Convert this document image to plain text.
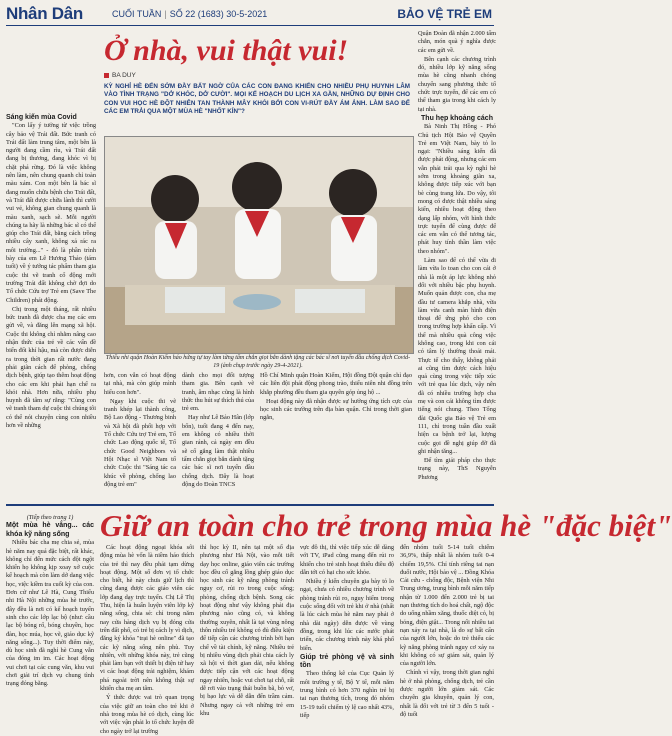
Nhân Dân	CUỐI TUẦN | SỐ 22 (1683) 30-5-2021	BẢO VỆ TRẺ EM
Ở nhà, vui thật vui!
BA DUY
KỲ NGHỈ HÈ ĐẾN SỚM ĐẦY BẤT NGỜ CỦA CÁC CON ĐANG KHIẾN CHO NHIỀU PHỤ HUYNH LÂM VÀO TÌNH TRẠNG "DỞ KHÓC, DỞ CƯỜI". MỌI KẾ HOẠCH DU LỊCH XA GẦN, NHỮNG DỰ ĐỊNH CHO CON VUI HỌC HÈ ĐỘT NHIÊN TAN THÀNH MÂY KHÓI BỞI CON VI-RÚT ĐẦY ÁM ẢNH. LÀM SAO ĐỂ CÁC EM TRẢI QUA MỘT MÙA HÈ "NHỐT KÍN"?
Sáng kiến mùa Covid

"Con lấy ý tưởng từ việc trồng cây bảo vệ Trái đất. Bức tranh có Trái đất làm trung tâm, một bên là người đang cầm rìu, và Trái đất đang bị thương, đang khóc vì bị chặt phá rừng. Đó là việc không nên làm, nên chung quanh chỉ toàn màu xám. Con một bên là bác sĩ đang muốn chữa bệnh cho Trái đất, và Trái đất được chữa lành thì cười vui vẻ, không gian chung quanh là màu xanh, sạch sẽ. Mỗi người chúng ta hãy là những bác sĩ có thể giúp cho Trái đất, bằng cách trồng nhiều cây xanh, không xả rác ra môi trường..." - đó là phần trình bày của em Lê Hương Thảo (tám tuổi) về ý tưởng tác phẩm tham gia cuộc thi vẽ tranh cổ động mới trường Trái đất không chờ đợi do Tổ chức Cứu trợ Trẻ em (Save The Children) phát động.

Chị trong một tháng, rất nhiều bức tranh đã được cha mẹ các em gửi về, và đăng lên mạng xã hội. Cuộc thi không chỉ nhằm nâng cao nhận thức của trẻ về các vấn đề biến đổi khí hậu, mà còn được diễn ra trong thời gian rất nước đang phải giãn cách để phòng, chống dịch bệnh, giúp tạo thêm hoạt động cho các em khi phải hạn chế ra khỏi nhà. Hơn nữa, nhiều phụ huynh đã tâm sự rằng: "Cùng con vẽ tranh tham dự cuộc thi chúng tôi có thể nói chuyện cùng con nhiều hơn về những

Thiếu nhi quận Hoàn Kiếm háo hứng tự tay làm từng tấm chắn giọt bắn dành tặng các bác sĩ nơi tuyến đầu chống dịch Covid-19 (ảnh chụp trước ngày 29-4-2021).

hơn, con vẫn có hoạt động tại nhà, mà còn giúp mình hiểu con hơn".

Ngay khi cuộc thi vẽ tranh khép lại thành công, Bộ Lao động - Thương binh và Xã hội đã phối hợp với Tổ chức Cứu trợ Trẻ em, Tổ chức Lao động quốc tế, Tổ chức Good Neighbors và Hội Nhạc sĩ Việt Nam tổ chức Cuộc thi "Sáng tác ca khúc về phòng, chống lao động trẻ em"

dành cho mọi đối tượng tham gia. Bên cạnh vẽ tranh, âm nhạc cũng là hình thức thu hút sự thích thú của trẻ em.

Hay như Lê Bảo Hân (lớp bốn), tuổi đang 4 đến nay, em không có nhiều thời gian ránh, cả ngày em đều sẽ cố gắng làm thật nhiều tấm chắn giọt bắn dành tặng các bác sĩ nơi tuyến đầu chống dịch. Đây là hoạt động do Đoàn TNCS

Hồ Chí Minh quận Hoàn Kiếm, Hội đồng Đội quận chỉ đạo các liên đội phát động phong trào, thiếu niên nhi đồng trên khắp phường đều tham gia quyên góp ủng hộ ...

Hoạt động này đã nhận được sự hưởng ứng tích cực của học sinh các trường trên địa bàn quận. Chỉ trong thời gian ngắn,

Quận Đoàn đã nhận 2.000 tấm chắn, món quà ý nghĩa được các em gửi về.

Bên cạnh các chương trình đó, nhiều lớp kỹ năng sống mùa hè cũng nhanh chóng chuyển sang phương thức tổ chức trực tuyến, để các em có thể tham gia trong khi cách ly tại nhà.

Thu hẹp khoảng cách

Bà Ninh Thị Hồng - Phó Chủ tịch Hội Bảo vệ Quyền Trẻ em Việt Nam, bày tỏ lo ngại: "Nhiều sáng kiến đã được phát động, nhưng các em vẫn phải trải qua kỳ nghỉ hè sớm trong khoảng giãn xa, không được tiếp xúc với bạn bè cùng trang lứa. Do vậy, tôi mong có được thật nhiều sáng kiến, nhiều hoạt động theo dạng lấp nhóm, với hình thức trực tuyến để cùng được để các em vẫn có thể tương tác, phát huy tính thần làm việc theo nhóm".

Làm sao để có thể vừa đi làm vừa lo toan cho con cái ở nhà là một áp lực không nhỏ đối với nhiều bậc phụ huynh. Muốn quản được con, cha mẹ đầu tư camera khắp nhà, vừa làm vừa canh màn hình điện thoại để ứng phó cho con trong trường hợp khẩn cấp. Vì thế mà nhiều quà công việc không cao, trong khi con cái có tâm lý thường thoải mái. Thực tế cho thấy, không phải ai cũng tìm được cách hiệu quả cùng trong việc tiếp xúc với trẻ qua lúc dịch, vậy nên đã có nhiều trường hợp cha mẹ và con cái không tìm được tiếng nói chung. Theo Tổng đài Quốc gia Bảo vệ Trẻ em 111, chỉ trong tuần đầu xuất hiện ca bệnh trở lại, lượng cuộc gọi đề nghị giúp đỡ đã ghi nhận tăng...

Để tìm giải pháp cho thực trạng này, ThS Nguyễn Phương

Giữ an toàn cho trẻ trong mùa hè "đặc biệt"
(Tiếp theo trang 1)
Một mùa hè vắng... các khóa kỹ năng sống

Nhiều bác cha mẹ chia sẻ, mùa hè năm nay quá đặc biệt, rất khác, không chỉ đến mức cách đột ngột khiến họ không kịp xoay xở cuộc kế hoạch mà còn làm dở dang việc học, việc kiềm tra cuối kỳ của con. Đơn cử như Lê Hà, Cung Thiếu nhi Hà Nội những mùa hè trước, đây đều là nơi có kế hoạch tuyển sinh cho các lớp lạc bộ (như: cầu lạc bộ bóng rổ, bóng chuyền, học đàn, học múa, học vẽ, giáo dục kỹ năng sống...). Tuy thời điểm này, dù học sinh đã nghỉ hè Cung vẫn của đóng im im. Các hoạt động vui chơi tại các cung văn, khu vui chơi giải trí dịch vụ chung tình trạng đóng băng.

Các hoạt động ngoại khóa sôi động mùa hè vốn là niềm háo thích của trẻ thì nay đều phải tạm dừng hoạt động. Một số đơn vị tổ chức cho biết, hè này chưa giữ lịch thì cũng đang được các giáo viên các lớp đang dạy trực tuyến. Chị Lê Thị Thu, hiện là huấn luyện viên lớp kỹ năng sống, chia sẻ: chỉ trong năm nay cửa hàng dịch vụ bị đóng cửa trên đất phố, có trẻ bị cách ly vì dịch, đăng ký khóa "trại hè online" đã tạo các kỹ năng sống nên phù. Tuy nhiên, với những khóa này, trẻ cũng phải làm bạn với thiết bị điện tử hay vi các hoạt động trải nghiệm, khám phá ngoài trời nên không thật sự khiến cha mẹ an tâm.

Ý thức được vai trò quan trọng của việc giữ an toàn cho trẻ khi ở nhà trong mùa hè có dịch, cùng lúc với việc vận phải lo tổ chức luyện đề cho ngày trở lại trường

thì học kỳ II, nên tại một số địa phương như Hà Nội, vào mỗi tiết dạy học online, giáo viên các trường học đều cố gắng lồng ghép giáo dục học sinh các kỹ năng phòng tránh nguy cơ, rủi ro trong cuộc sống; phòng, chống dịch bệnh. Song các hoạt động như vậy không phải địa phương nào cũng có, và không thường xuyên, nhất là tại vùng nông thôn nhiều trẻ không có đủ điều kiện để tiếp cận các chương trình bởi hạn chế về tài chính, kỹ năng. Nhiều trẻ bị nhiều vùng dịch phải chia cách ly xã hội vì thời gian dài, nếu không được tiếp cận với các hoạt động ngay nhiên, hoặc vui chơi tại chỗ, rất dễ rơi vào trạng thái buồn bã, bỏ vơ, bị bạo lực và dễ dẫn đến trầm cảm. Nhưng ngay cả với những trẻ em khu

vực đô thị, thì việc tiếp xúc dễ dàng với TV, iPad cũng mang đến rủi ro khiến cho trẻ sinh hoạt thiếu điều độ dẫn tới có hại cho sức khỏe.

Nhiều ý kiến chuyên gia bày tỏ lo ngại, chưa có nhiều chương trình về phòng tránh rủi ro, nguy hiểm trong cuộc sống đối với trẻ khi ở nhà (nhất là lúc cách mùa hè năm nay phải ở nhà dài ngày) dễn được về vùng đồng, trong khi lúc các nước phát triển, các chương trình này khá phổ biến.

Giúp trẻ phòng vệ và sinh tồn

Theo thống kê của Cục Quản lý môi trường y tế, Bộ Y tế, mỗi năm trung bình có hơn 370 nghìn trẻ bị tai nạn thương tích, trong đó nhóm 15-19 tuổi chiếm tỷ lệ cao nhất 43%, tiếp

đến nhóm tuổi 5-14 tuổi chiếm 36,9%, thấp nhất là nhóm tuổi 0-4 chiếm 19,5%. Chỉ tính riêng tai nạn đuối nước, Hội bảo vệ ... Đồng Khóa Cải cứu - chống độc, Bệnh viện Nhi Trung ương, trung bình mỗi năm tiếp nhận từ 1.000 đến 2.000 trẻ bị tai nạn thương tích do hoá chất, ngộ độc do uống nhầm xăng, thuốc diệt cỏ, bị bỏng, điện giật... Trong nối nhiều tai nạn xảy ra tại nhà, là do sự bất cẩn của người lớn, hoặc do trẻ thiếu các kỹ năng phòng tránh nguy cơ xảy ra khi không có sự giám sát, quản lý của người lớn.

Chính vì vậy, trong thời gian nghỉ hè ở nhà phòng, chống dịch, trẻ cần được người lớn giám sát. Các chuyên gia khuyên, quản lý con, nhất là đối với trẻ từ 3 đến 5 tuổi - độ tuổi
